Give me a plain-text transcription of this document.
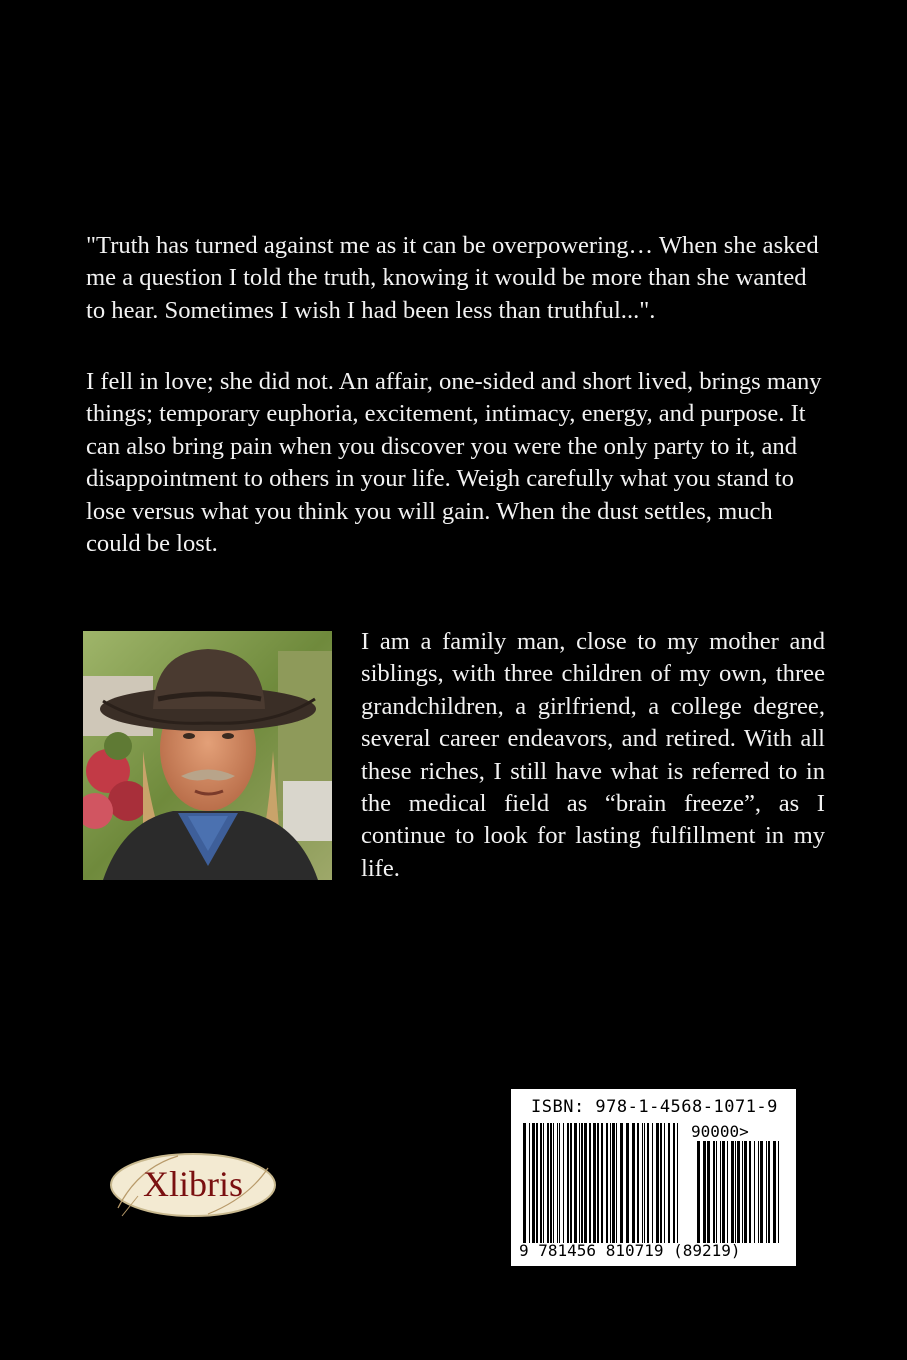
"Truth has turned against me as it can be overpowering… When she asked me a question I told the truth, knowing it would be more than she wanted to hear. Sometimes I wish I had been less than truthful...".

I fell in love; she did not. An affair, one-sided and short lived, brings many things; temporary euphoria, excitement, intimacy, energy, and purpose. It can also bring pain when you discover you were the only party to it, and disappointment to others in your life. Weigh carefully what you stand to lose versus what you think you will gain. When the dust settles, much could be lost.

I am a family man, close to my mother and siblings, with three children of my own, three grandchildren, a girlfriend, a college degree, several career endeavors, and retired. With all these riches, I still have what is referred to in the medical field as “brain freeze”, as I continue to look for lasting fulfillment in my life.

Xlibris
ISBN: 978-1-4568-1071-9
90000>
9 781456 810719 (89219)
